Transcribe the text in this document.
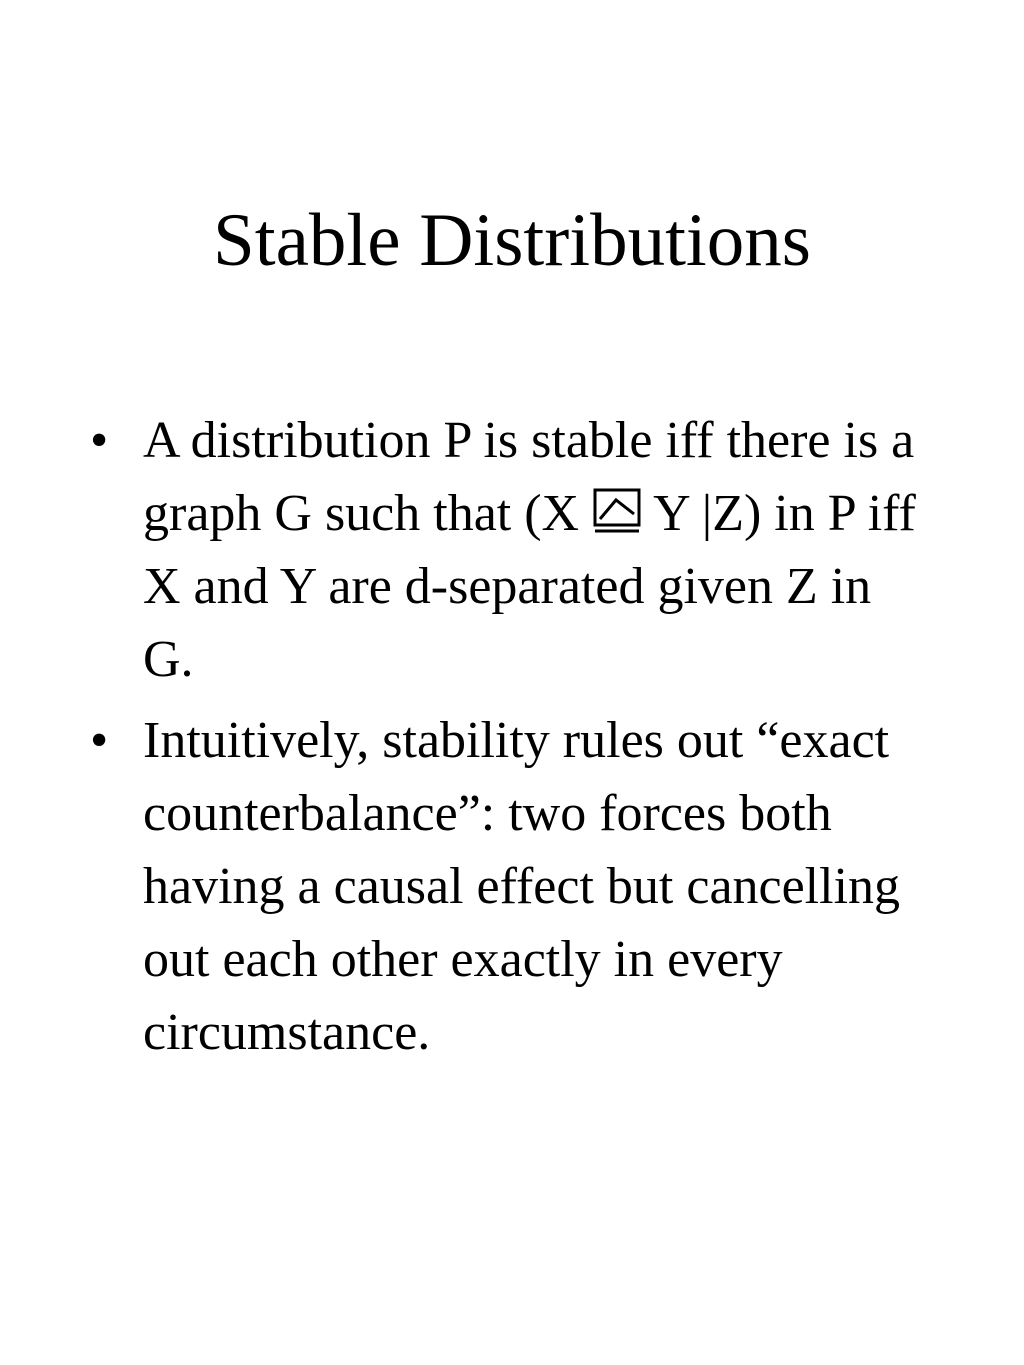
Stable Distributions
• A distribution P is stable iff there is a graph G such that (X  Y |Z) in P iff X and Y are d-separated given Z in G.
• Intuitively, stability rules out “exact counterbalance”: two forces both having a causal effect but cancelling out each other exactly in every circumstance.
